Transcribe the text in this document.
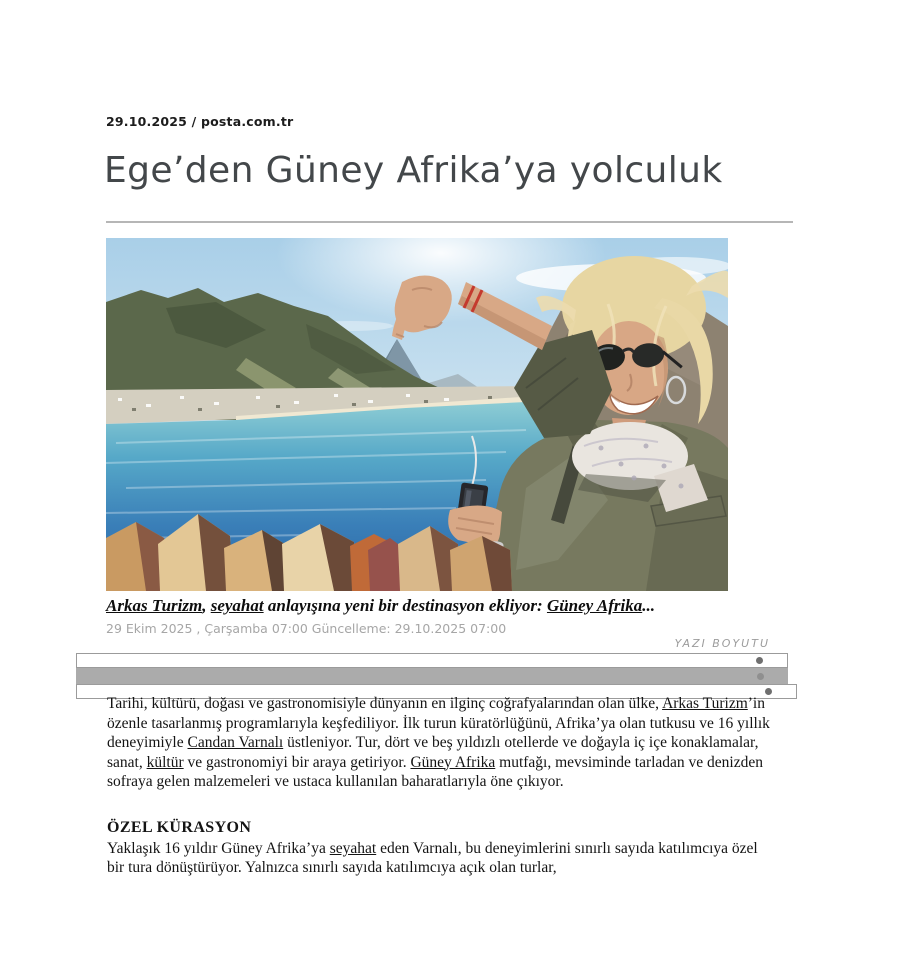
29.10.2025 / posta.com.tr
Ege’den Güney Afrika’ya yolculuk
Arkas Turizm, seyahat anlayışına yeni bir destinasyon ekliyor: Güney Afrika...
29 Ekim 2025 , Çarşamba 07:00 Güncelleme: 29.10.2025 07:00
YAZI BOYUTU

Tarihi, kültürü, doğası ve gastronomisiyle dünyanın en ilginç coğrafyalarından olan ülke, Arkas Turizm’in özenle tasarlanmış programlarıyla keşfediliyor. İlk turun küratörlüğünü, Afrika’ya olan tutkusu ve 16 yıllık deneyimiyle Candan Varnalı üstleniyor. Tur, dört ve beş yıldızlı otellerde ve doğayla iç içe konaklamalar, sanat, kültür ve gastronomiyi bir araya getiriyor. Güney Afrika mutfağı, mevsiminde tarladan ve denizden sofraya gelen malzemeleri ve ustaca kullanılan baharatlarıyla öne çıkıyor.

ÖZEL KÜRASYON

Yaklaşık 16 yıldır Güney Afrika’ya seyahat eden Varnalı, bu deneyimlerini sınırlı sayıda katılımcıya özel bir tura dönüştürüyor. Yalnızca sınırlı sayıda katılımcıya açık olan turlar,
